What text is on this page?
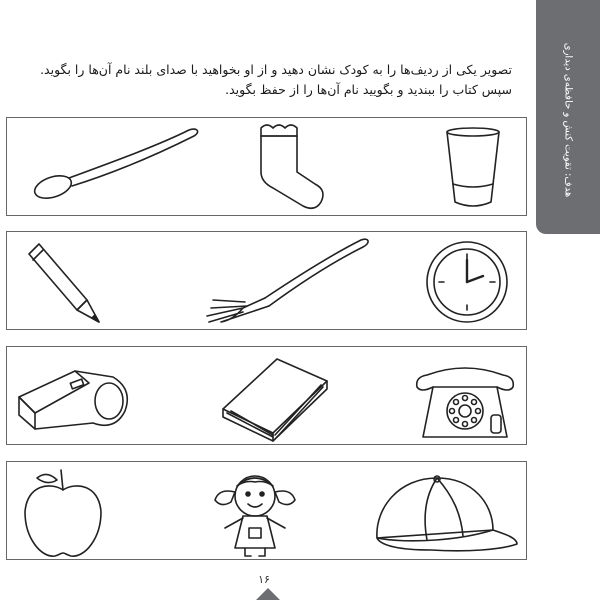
هدف: تقویت کنش و حافظه‌ی دیداری
تصویر یکی از ردیف‌ها را به کودک نشان دهید و از او بخواهید با صدای بلند نام آن‌ها را بگوید.
سپس کتاب را ببندید و بگویید نام آن‌ها را از حفظ بگوید.
۱۶
